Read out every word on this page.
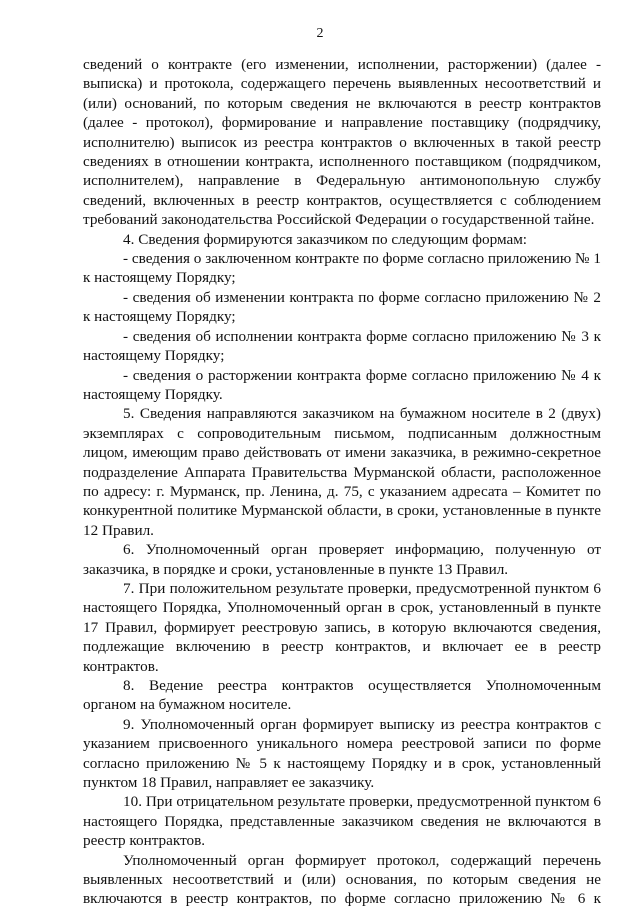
2

сведений о контракте (его изменении, исполнении, расторжении) (далее - выписка) и протокола, содержащего перечень выявленных несоответствий и (или) оснований, по которым сведения не включаются в реестр контрактов (далее - протокол), формирование и направление поставщику (подрядчику, исполнителю) выписок из реестра контрактов о включенных в такой реестр сведениях в отношении контракта, исполненного поставщиком (подрядчиком, исполнителем), направление в Федеральную антимонопольную службу сведений, включенных в реестр контрактов, осуществляется с соблюдением требований законодательства Российской Федерации о государственной тайне.

4. Сведения формируются заказчиком по следующим формам:

- сведения о заключенном контракте по форме согласно приложению № 1 к настоящему Порядку;

- сведения об изменении контракта по форме согласно приложению № 2 к настоящему Порядку;

- сведения об исполнении контракта форме согласно приложению № 3 к настоящему Порядку;

- сведения о расторжении контракта форме согласно приложению № 4 к настоящему Порядку.

5. Сведения направляются заказчиком на бумажном носителе в 2 (двух) экземплярах с сопроводительным письмом, подписанным должностным лицом, имеющим право действовать от имени заказчика, в режимно-секретное подразделение Аппарата Правительства Мурманской области, расположенное по адресу: г. Мурманск, пр. Ленина, д. 75, с указанием адресата – Комитет по конкурентной политике Мурманской области, в сроки, установленные в пункте 12 Правил.

6. Уполномоченный орган проверяет информацию, полученную от заказчика, в порядке и сроки, установленные в пункте 13 Правил.

7. При положительном результате проверки, предусмотренной пунктом 6 настоящего Порядка, Уполномоченный орган в срок, установленный в пункте 17 Правил, формирует реестровую запись, в которую включаются сведения, подлежащие включению в реестр контрактов, и включает ее в реестр контрактов.

8. Ведение реестра контрактов осуществляется Уполномоченным органом на бумажном носителе.

9. Уполномоченный орган формирует выписку из реестра контрактов с указанием присвоенного уникального номера реестровой записи по форме согласно приложению № 5 к настоящему Порядку и в срок, установленный пунктом 18 Правил, направляет ее заказчику.

10. При отрицательном результате проверки, предусмотренной пунктом 6 настоящего Порядка, представленные заказчиком сведения не включаются в реестр контрактов.

Уполномоченный орган формирует протокол, содержащий перечень выявленных несоответствий и (или) основания, по которым сведения не включаются в реестр контрактов, по форме согласно приложению № 6 к
